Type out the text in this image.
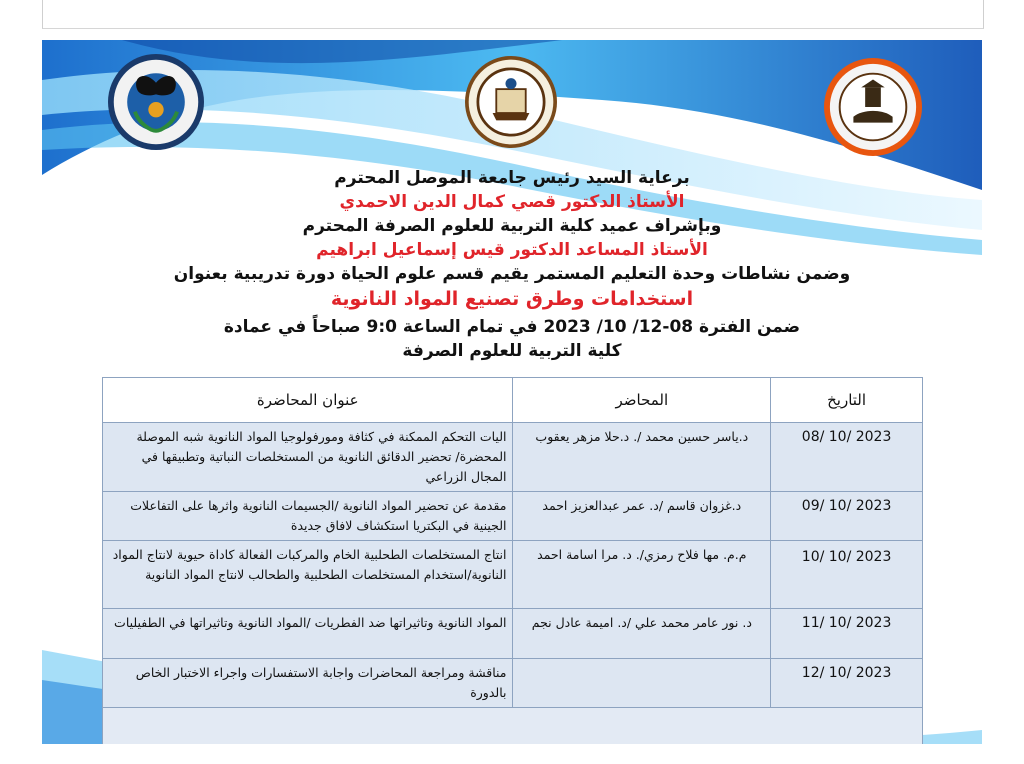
برعاية السيد رئيس جامعة الموصل المحترم
الأستاذ الدكتور قصي كمال الدين الاحمدي
وبإشراف عميد كلية التربية للعلوم الصرفة المحترم
الأستاذ المساعد الدكتور قيس إسماعيل ابراهيم
وضمن نشاطات وحدة التعليم المستمر يقيم قسم علوم الحياة دورة تدريبية بعنوان
استخدامات وطرق تصنيع المواد النانوية
ضمن الفترة 08-12/ 10/ 2023 في تمام الساعة 9:0 صباحاً في عمادة
كلية التربية للعلوم الصرفة
التاريخ	المحاضر	عنوان المحاضرة
08/ 10/ 2023	د.ياسر حسين محمد /. د.حلا مزهر يعقوب	اليات التحكم الممكنة في كثافة ومورفولوجيا المواد النانوية شبه الموصلة المحضرة/ تحضير الدقائق النانوية من المستخلصات النباتية وتطبيقها في المجال الزراعي
09/ 10/ 2023	د.غزوان قاسم /د. عمر عبدالعزيز احمد	مقدمة عن تحضير المواد النانوية /الجسيمات النانوية واثرها على التفاعلات الجينية في البكتريا استكشاف لافاق جديدة
10/ 10/ 2023	م.م. مها فلاح رمزي/. د. مرا اسامة احمد	انتاج المستخلصات الطحلبية الخام والمركبات الفعالة كاداة حيوية لانتاج المواد النانوية/استخدام المستخلصات الطحلبية والطحالب لانتاج المواد النانوية
11/ 10/ 2023	د. نور عامر محمد علي /د. اميمة عادل نجم	المواد النانوية وتاثيراتها ضد الفطريات /المواد النانوية وتاثيراتها في الطفيليات
12/ 10/ 2023		مناقشة ومراجعة المحاضرات واجابة الاستفسارات واجراء الاختبار الخاص بالدورة
